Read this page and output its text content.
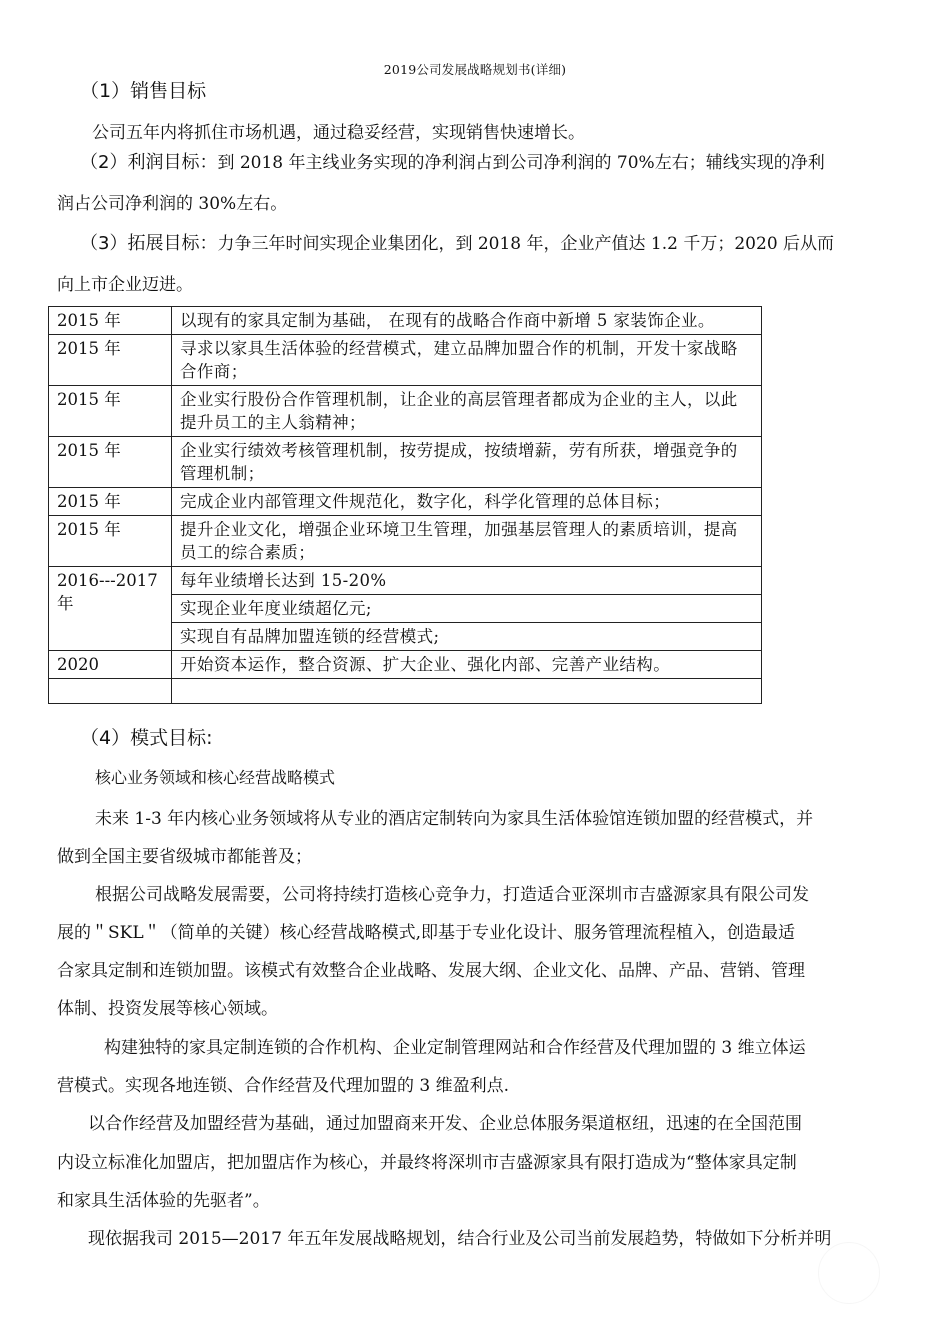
2019公司发展战略规划书(详细)
（1）销售目标
公司五年内将抓住市场机遇，通过稳妥经营，实现销售快速增长。
（2）利润目标：到 2018 年主线业务实现的净利润占到公司净利润的 70%左右；辅线实现的净利
润占公司净利润的 30%左右。
（3）拓展目标：力争三年时间实现企业集团化，到 2018 年，企业产值达 1.2 千万；2020 后从而
向上市企业迈进。
2015 年	以现有的家具定制为基础， 在现有的战略合作商中新增 5 家装饰企业。
2015 年	寻求以家具生活体验的经营模式，建立品牌加盟合作的机制，开发十家战略合作商；
2015 年	企业实行股份合作管理机制，让企业的高层管理者都成为企业的主人，以此提升员工的主人翁精神；
2015 年	企业实行绩效考核管理机制，按劳提成，按绩增薪，劳有所获，增强竞争的管理机制；
2015 年	完成企业内部管理文件规范化，数字化，科学化管理的总体目标；
2015 年	提升企业文化，增强企业环境卫生管理，加强基层管理人的素质培训，提高员工的综合素质；
2016---2017 年	每年业绩增长达到 15-20%
	实现企业年度业绩超亿元;
	实现自有品牌加盟连锁的经营模式;
2020	开始资本运作，整合资源、扩大企业、强化内部、完善产业结构。

（4）模式目标:
核心业务领域和核心经营战略模式
未来 1-3 年内核心业务领域将从专业的酒店定制转向为家具生活体验馆连锁加盟的经营模式，并
做到全国主要省级城市都能普及；
根据公司战略发展需要，公司将持续打造核心竞争力，打造适合亚深圳市吉盛源家具有限公司发
展的＂SKL＂（简单的关键）核心经营战略模式,即基于专业化设计、服务管理流程植入，创造最适
合家具定制和连锁加盟。该模式有效整合企业战略、发展大纲、企业文化、品牌、产品、营销、管理
体制、投资发展等核心领域。
构建独特的家具定制连锁的合作机构、企业定制管理网站和合作经营及代理加盟的 3 维立体运
营模式。实现各地连锁、合作经营及代理加盟的 3 维盈利点.
以合作经营及加盟经营为基础，通过加盟商来开发、企业总体服务渠道枢纽，迅速的在全国范围
内设立标准化加盟店，把加盟店作为核心，并最终将深圳市吉盛源家具有限打造成为“整体家具定制
和家具生活体验的先驱者”。
现依据我司 2015—2017 年五年发展战略规划，结合行业及公司当前发展趋势，特做如下分析并明
